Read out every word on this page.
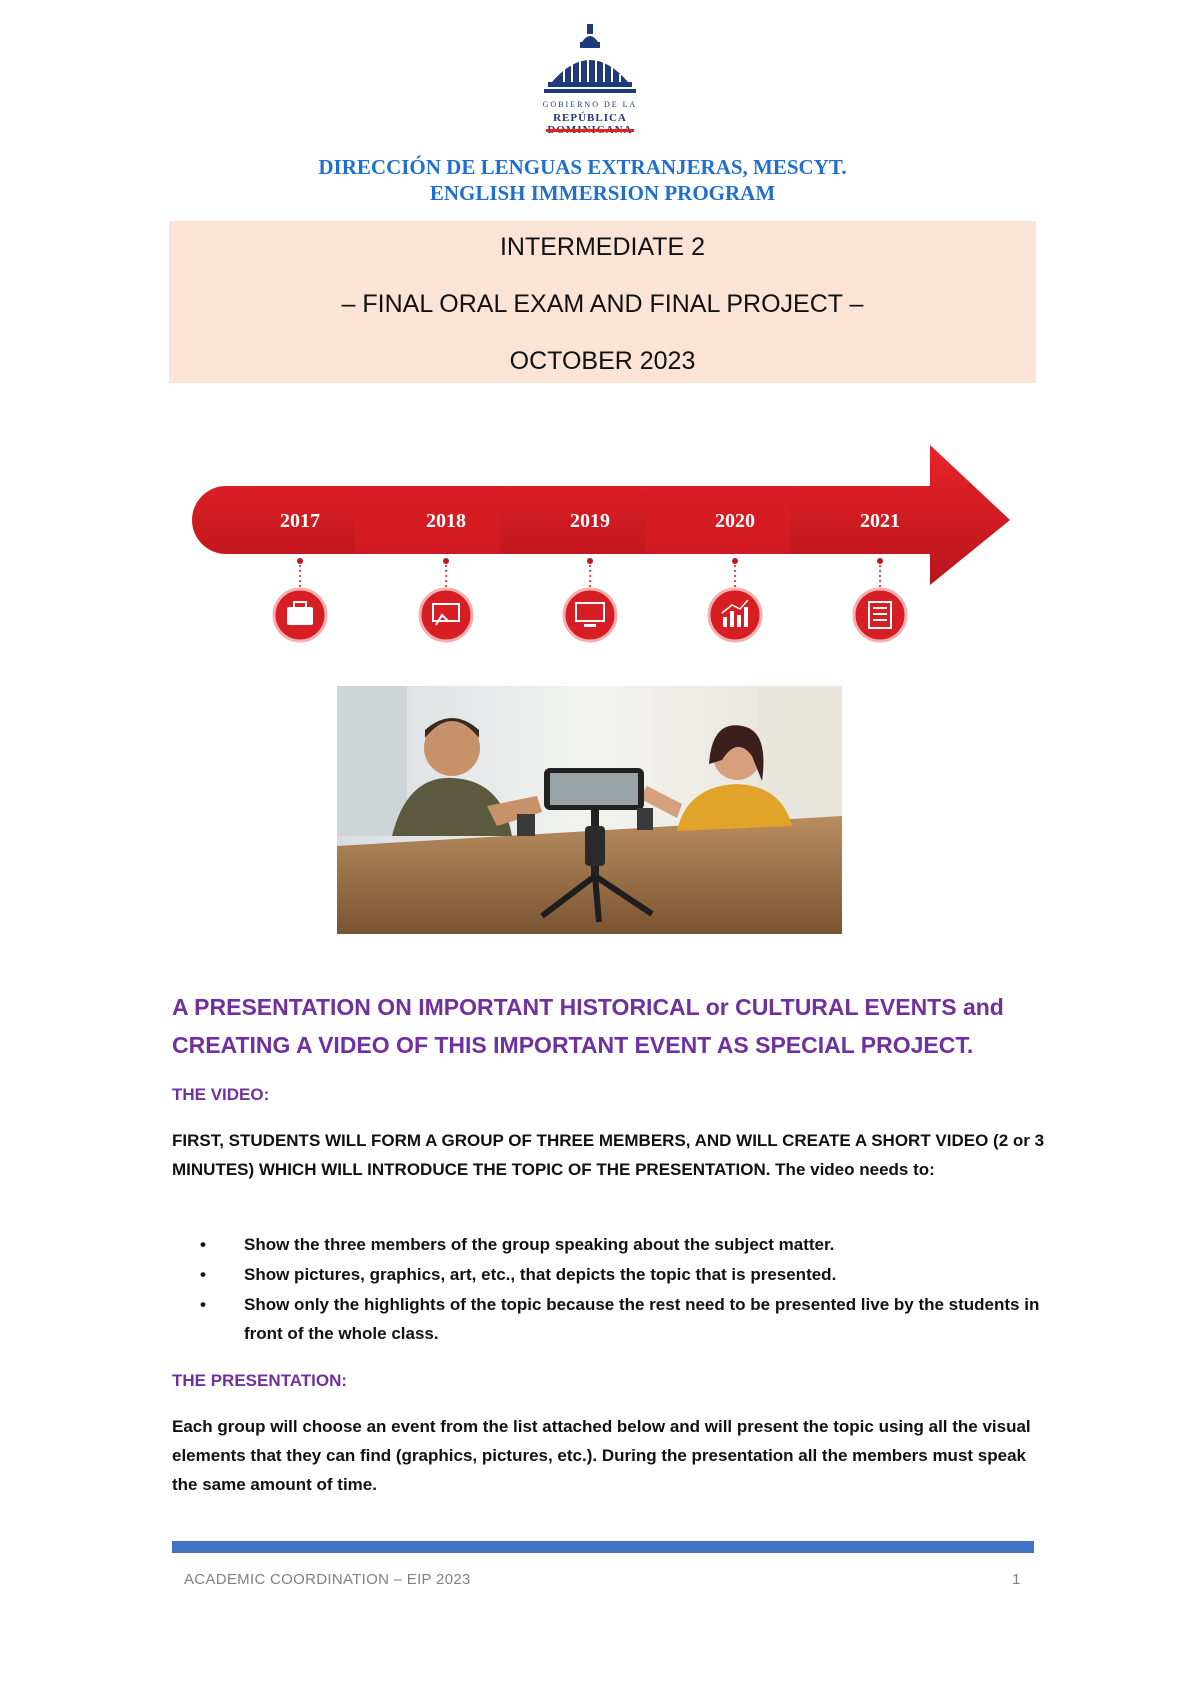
GOBIERNO DE LA
REPÚBLICA
DIRECCIÓN DE LENGUAS EXTRANJERAS, MESCYT.
ENGLISH IMMERSION PROGRAM
INTERMEDIATE 2
– FINAL ORAL EXAM AND FINAL PROJECT –
OCTOBER 2023
2017	2018	2019	2020	2021
A PRESENTATION ON IMPORTANT HISTORICAL or CULTURAL EVENTS and CREATING A VIDEO OF THIS IMPORTANT EVENT AS SPECIAL PROJECT.
THE VIDEO:
FIRST, STUDENTS WILL FORM A GROUP OF THREE MEMBERS, AND WILL CREATE A SHORT VIDEO (2 or 3 MINUTES) WHICH WILL INTRODUCE THE TOPIC OF THE PRESENTATION. The video needs to:
• Show the three members of the group speaking about the subject matter.
• Show pictures, graphics, art, etc., that depicts the topic that is presented.
• Show only the highlights of the topic because the rest need to be presented live by the students in front of the whole class.
THE PRESENTATION:
Each group will choose an event from the list attached below and will present the topic using all the visual elements that they can find (graphics, pictures, etc.). During the presentation all the members must speak the same amount of time.
ACADEMIC COORDINATION – EIP 2023	1
